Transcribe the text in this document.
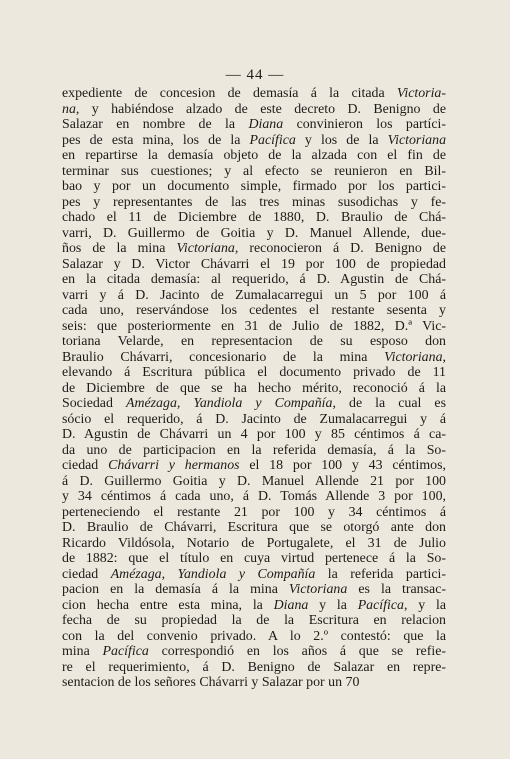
— 44 —
expediente de concesion de demasía á la citada Victoria-
na, y habiéndose alzado de este decreto D. Benigno de
Salazar en nombre de la Diana convinieron los partíci-
pes de esta mina, los de la Pacífica y los de la Victoriana
en repartirse la demasía objeto de la alzada con el fin de
terminar sus cuestiones; y al efecto se reunieron en Bil-
bao y por un documento simple, firmado por los partici-
pes y representantes de las tres minas susodichas y fe-
chado el 11 de Diciembre de 1880, D. Braulio de Chá-
varri, D. Guillermo de Goitia y D. Manuel Allende, due-
ños de la mina Victoriana, reconocieron á D. Benigno de
Salazar y D. Victor Chávarri el 19 por 100 de propiedad
en la citada demasía: al requerido, á D. Agustin de Chá-
varri y á D. Jacinto de Zumalacarregui un 5 por 100 á
cada uno, reservándose los cedentes el restante sesenta y
seis: que posteriormente en 31 de Julio de 1882, D.ª Vic-
toriana Velarde, en representacion de su esposo don
Braulio Chávarri, concesionario de la mina Victoriana,
elevando á Escritura pública el documento privado de 11
de Diciembre de que se ha hecho mérito, reconoció á la
Sociedad Amézaga, Yandiola y Compañía, de la cual es
sócio el requerido, á D. Jacinto de Zumalacarregui y á
D. Agustin de Chávarri un 4 por 100 y 85 céntimos á ca-
da uno de participacion en la referida demasía, á la So-
ciedad Chávarri y hermanos el 18 por 100 y 43 céntimos,
á D. Guillermo Goitia y D. Manuel Allende 21 por 100
y 34 céntimos á cada uno, á D. Tomás Allende 3 por 100,
perteneciendo el restante 21 por 100 y 34 céntimos á
D. Braulio de Chávarri, Escritura que se otorgó ante don
Ricardo Vildósola, Notario de Portugalete, el 31 de Julio
de 1882: que el título en cuya virtud pertenece á la So-
ciedad Amézaga, Yandiola y Compañía la referida partici-
pacion en la demasía á la mina Victoriana es la transac-
cion hecha entre esta mina, la Diana y la Pacífica, y la
fecha de su propiedad la de la Escritura en relacion
con la del convenio privado. A lo 2.º contestó: que la
mina Pacífica correspondió en los años á que se refie-
re el requerimiento, á D. Benigno de Salazar en repre-
sentacion de los señores Chávarri y Salazar por un 70
